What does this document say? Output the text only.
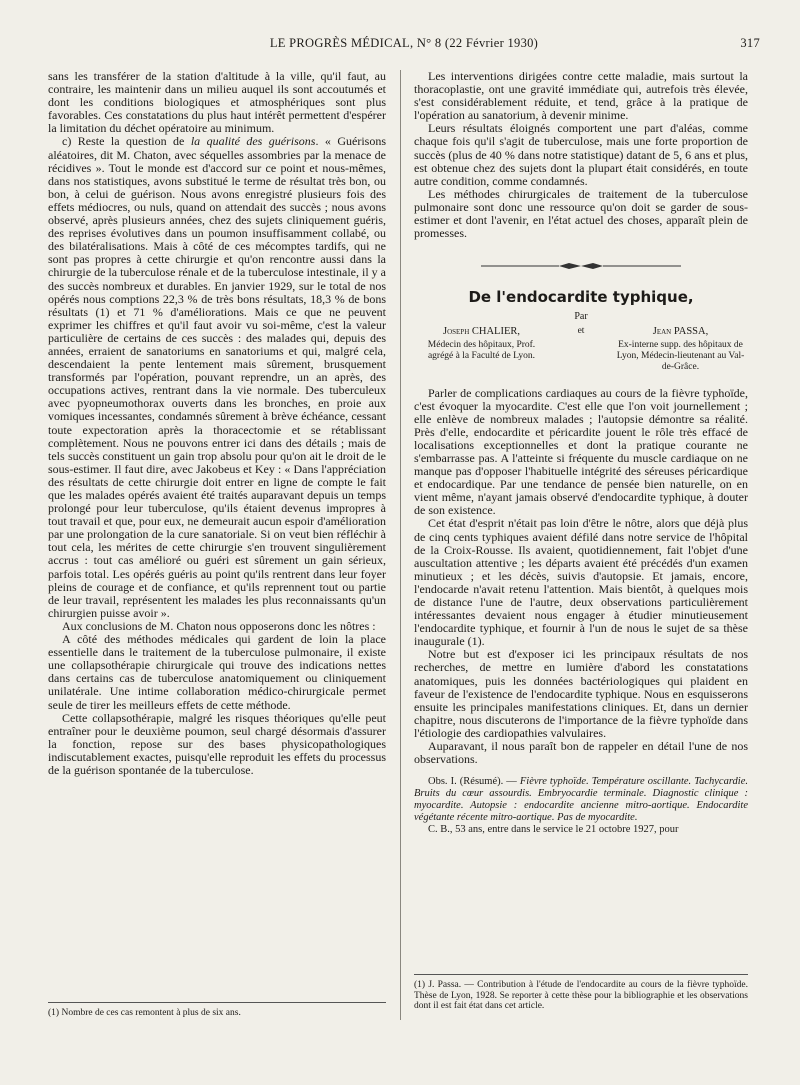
LE PROGRÈS MÉDICAL, N° 8 (22 Février 1930)	317

sans les transférer de la station d'altitude à la ville, qu'il faut, au contraire, les maintenir dans un milieu auquel ils sont accoutumés et dont les conditions biologiques et atmosphériques sont plus favorables. Ces constatations du plus haut intérêt permettent d'espérer la limitation du déchet opératoire au minimum.

c) Reste la question de la qualité des guérisons. « Guérisons aléatoires, dit M. Chaton, avec séquelles assombries par la menace de récidives ». Tout le monde est d'accord sur ce point et nous-mêmes, dans nos statistiques, avons substitué le terme de résultat très bon, ou bon, à celui de guérison. Nous avons enregistré plusieurs fois des effets médiocres, ou nuls, quand on attendait des succès ; nous avons observé, après plusieurs années, chez des sujets cliniquement guéris, des reprises évolutives dans un poumon insuffisamment collabé, ou des bilatéralisations. Mais à côté de ces mécomptes tardifs, qui ne sont pas propres à cette chirurgie et qu'on rencontre aussi dans la chirurgie de la tuberculose rénale et de la tuberculose intestinale, il y a des succès nombreux et durables. En janvier 1929, sur le total de nos opérés nous comptions 22,3 % de très bons résultats, 18,3 % de bons résultats (1) et 71 % d'améliorations. Mais ce que ne peuvent exprimer les chiffres et qu'il faut avoir vu soi-même, c'est la valeur particulière de certains de ces succès : des malades qui, depuis des années, erraient de sanatoriums en sanatoriums et qui, malgré cela, descendaient la pente lentement mais sûrement, brusquement transformés par l'opération, pouvant reprendre, un an après, des occupations actives, rentrant dans la vie normale. Des tuberculeux avec pyopneumothorax ouverts dans les bronches, en proie aux vomiques incessantes, condamnés sûrement à brève échéance, cessant toute expectoration après la thoracectomie et se rétablissant complètement. Nous ne pouvons entrer ici dans des détails ; mais de tels succès constituent un gain trop absolu pour qu'on ait le droit de le sous-estimer. Il faut dire, avec Jakobeus et Key : « Dans l'appréciation des résultats de cette chirurgie doit entrer en ligne de compte le fait que les malades opérés avaient été traités auparavant depuis un temps prolongé pour leur tuberculose, qu'ils étaient devenus impropres à tout travail et que, pour eux, ne demeurait aucun espoir d'amélioration par une prolongation de la cure sanatoriale. Si on veut bien réfléchir à tout cela, les mérites de cette chirurgie s'en trouvent singulièrement accrus : tout cas amélioré ou guéri est sûrement un gain sérieux, parfois total. Les opérés guéris au point qu'ils rentrent dans leur foyer pleins de courage et de confiance, et qu'ils reprennent tout ou partie de leur travail, représentent les malades les plus reconnaissants qu'un chirurgien puisse avoir ».

Aux conclusions de M. Chaton nous opposerons donc les nôtres :

A côté des méthodes médicales qui gardent de loin la place essentielle dans le traitement de la tuberculose pulmonaire, il existe une collapsothérapie chirurgicale qui trouve des indications nettes dans certains cas de tuberculose anatomiquement ou cliniquement unilatérale. Une intime collaboration médico-chirurgicale permet seule de tirer les meilleurs effets de cette méthode.

Cette collapsothérapie, malgré les risques théoriques qu'elle peut entraîner pour le deuxième poumon, seul chargé désormais d'assurer la fonction, repose sur des bases physicopathologiques indiscutablement exactes, puisqu'elle reproduit les effets du processus de la guérison spontanée de la tuberculose.

(1) Nombre de ces cas remontent à plus de six ans.

Les interventions dirigées contre cette maladie, mais surtout la thoracoplastie, ont une gravité immédiate qui, autrefois très élevée, s'est considérablement réduite, et tend, grâce à la pratique de l'opération au sanatorium, à devenir minime.

Leurs résultats éloignés comportent une part d'aléas, comme chaque fois qu'il s'agit de tuberculose, mais une forte proportion de succès (plus de 40 % dans notre statistique) datant de 5, 6 ans et plus, est obtenue chez des sujets dont la plupart était considérés, en toute autre condition, comme condamnés.

Les méthodes chirurgicales de traitement de la tuberculose pulmonaire sont donc une ressource qu'on doit se garder de sous-estimer et dont l'avenir, en l'état actuel des choses, apparaît plein de promesses.

De l'endocardite typhique,
Par
Joseph CHALIER,
Médecin des hôpitaux, Prof. agrégé à la Faculté de Lyon.
et	Jean PASSA,
Ex-interne supp. des hôpitaux de Lyon, Médecin-lieutenant au Val-de-Grâce.

Parler de complications cardiaques au cours de la fièvre typhoïde, c'est évoquer la myocardite. C'est elle que l'on voit journellement ; elle enlève de nombreux malades ; l'autopsie démontre sa réalité. Près d'elle, endocardite et péricardite jouent le rôle très effacé de localisations exceptionnelles et dont la pratique courante ne s'embarrasse pas. A l'atteinte si fréquente du muscle cardiaque on ne manque pas d'opposer l'habituelle intégrité des séreuses péricardique et endocardique. Par une tendance de pensée bien naturelle, on en vient même, n'ayant jamais observé d'endocardite typhique, à douter de son existence.

Cet état d'esprit n'était pas loin d'être le nôtre, alors que déjà plus de cinq cents typhiques avaient défilé dans notre service de l'hôpital de la Croix-Rousse. Ils avaient, quotidiennement, fait l'objet d'une auscultation attentive ; les départs avaient été précédés d'un examen minutieux ; et les décès, suivis d'autopsie. Et jamais, encore, l'endocarde n'avait retenu l'attention. Mais bientôt, à quelques mois de distance l'une de l'autre, deux observations particulièrement intéressantes devaient nous engager à étudier minutieusement l'endocardite typhique, et fournir à l'un de nous le sujet de sa thèse inaugurale (1).

Notre but est d'exposer ici les principaux résultats de nos recherches, de mettre en lumière d'abord les constatations anatomiques, puis les données bactériologiques qui plaident en faveur de l'existence de l'endocardite typhique. Nous en esquisserons ensuite les principales manifestations cliniques. Et, dans un dernier chapitre, nous discuterons de l'importance de la fièvre typhoïde dans l'étiologie des cardiopathies valvulaires.

Auparavant, il nous paraît bon de rappeler en détail l'une de nos observations.

Obs. I. (Résumé). — Fièvre typhoïde. Température oscillante. Tachycardie. Bruits du cœur assourdis. Embryocardie terminale. Diagnostic clinique : myocardite. Autopsie : endocardite ancienne mitro-aortique. Endocardite végétante récente mitro-aortique. Pas de myocardite.

C. B., 53 ans, entre dans le service le 21 octobre 1927, pour

(1) J. Passa. — Contribution à l'étude de l'endocardite au cours de la fièvre typhoïde. Thèse de Lyon, 1928. Se reporter à cette thèse pour la bibliographie et les observations dont il est fait état dans cet article.
